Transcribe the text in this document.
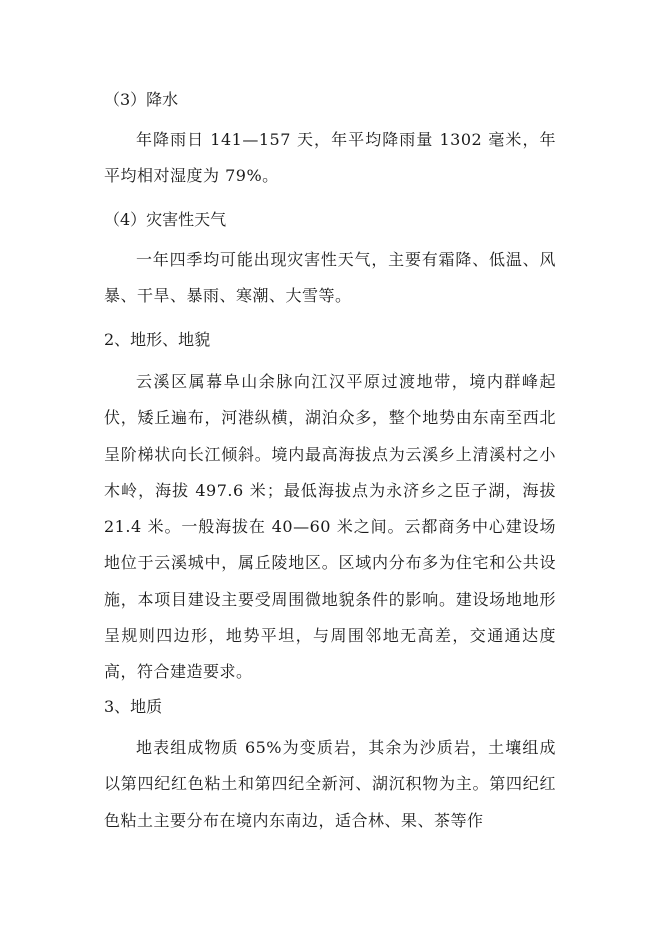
（3）降水

年降雨日 141—157 天，年平均降雨量 1302 毫米，年平均相对湿度为 79%。

（4）灾害性天气

一年四季均可能出现灾害性天气，主要有霜降、低温、风暴、干旱、暴雨、寒潮、大雪等。

2、地形、地貌

云溪区属幕阜山余脉向江汉平原过渡地带，境内群峰起伏，矮丘遍布，河港纵横，湖泊众多，整个地势由东南至西北呈阶梯状向长江倾斜。境内最高海拔点为云溪乡上清溪村之小木岭，海拔 497.6 米；最低海拔点为永济乡之臣子湖，海拔 21.4 米。一般海拔在 40—60 米之间。云都商务中心建设场地位于云溪城中，属丘陵地区。区域内分布多为住宅和公共设施，本项目建设主要受周围微地貌条件的影响。建设场地地形呈规则四边形，地势平坦，与周围邻地无高差，交通通达度高，符合建造要求。

3、地质

地表组成物质 65%为变质岩，其余为沙质岩，土壤组成以第四纪红色粘土和第四纪全新河、湖沉积物为主。第四纪红色粘土主要分布在境内东南边，适合林、果、茶等作
